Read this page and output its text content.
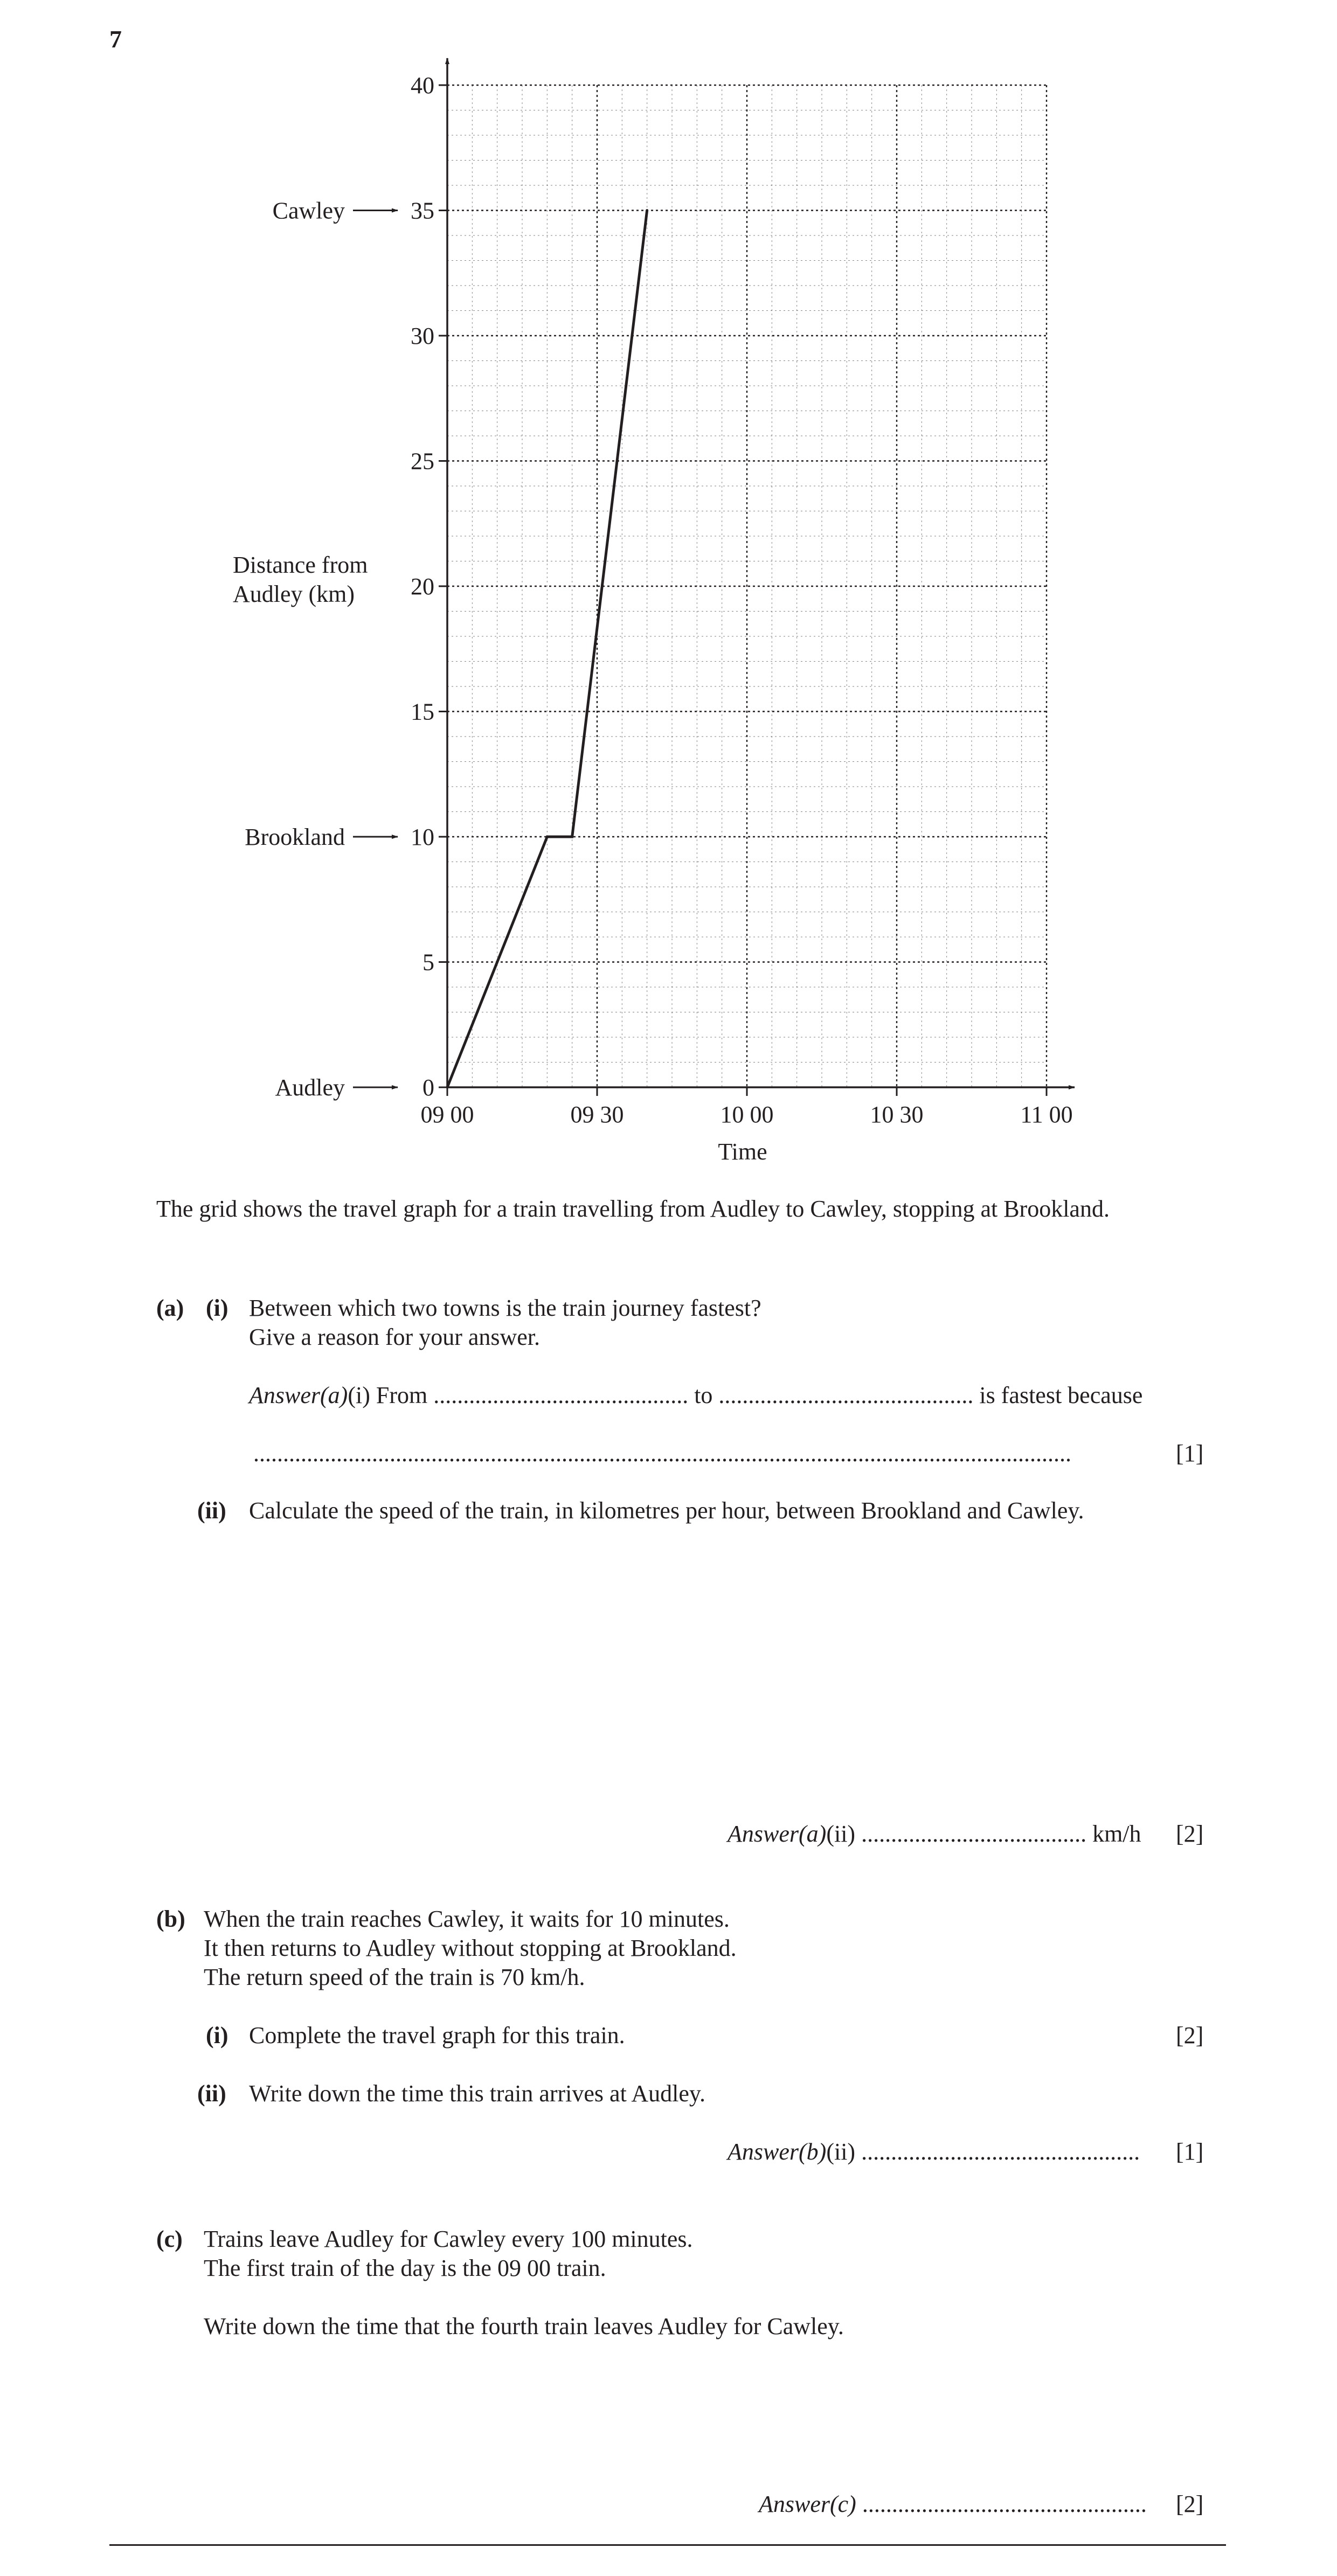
7
0
5
10
15
20
25
30
35
40
09 00	09 30	10 00	10 30	11 00
Audley
Brookland
Cawley
Time
Distance from
Audley (km)
The grid shows the travel graph for a train travelling from Audley to Cawley, stopping at Brookland.
(a) (i) Between which two towns is the train journey fastest?
Give a reason for your answer.
Answer(a)(i) From ........................................... to ........................................... is fastest because
..........................................................................................................................................	[1]
(ii) Calculate the speed of the train, in kilometres per hour, between Brookland and Cawley.
Answer(a)(ii) ...................................... km/h [2]
(b) When the train reaches Cawley, it waits for 10 minutes.
It then returns to Audley without stopping at Brookland.
The return speed of the train is 70 km/h.
(i) Complete the travel graph for this train.	[2]
(ii) Write down the time this train arrives at Audley.
Answer(b)(ii) ............................................... [1]
(c) Trains leave Audley for Cawley every 100 minutes.
The first train of the day is the 09 00 train.
Write down the time that the fourth train leaves Audley for Cawley.
Answer(c) ................................................ [2]
